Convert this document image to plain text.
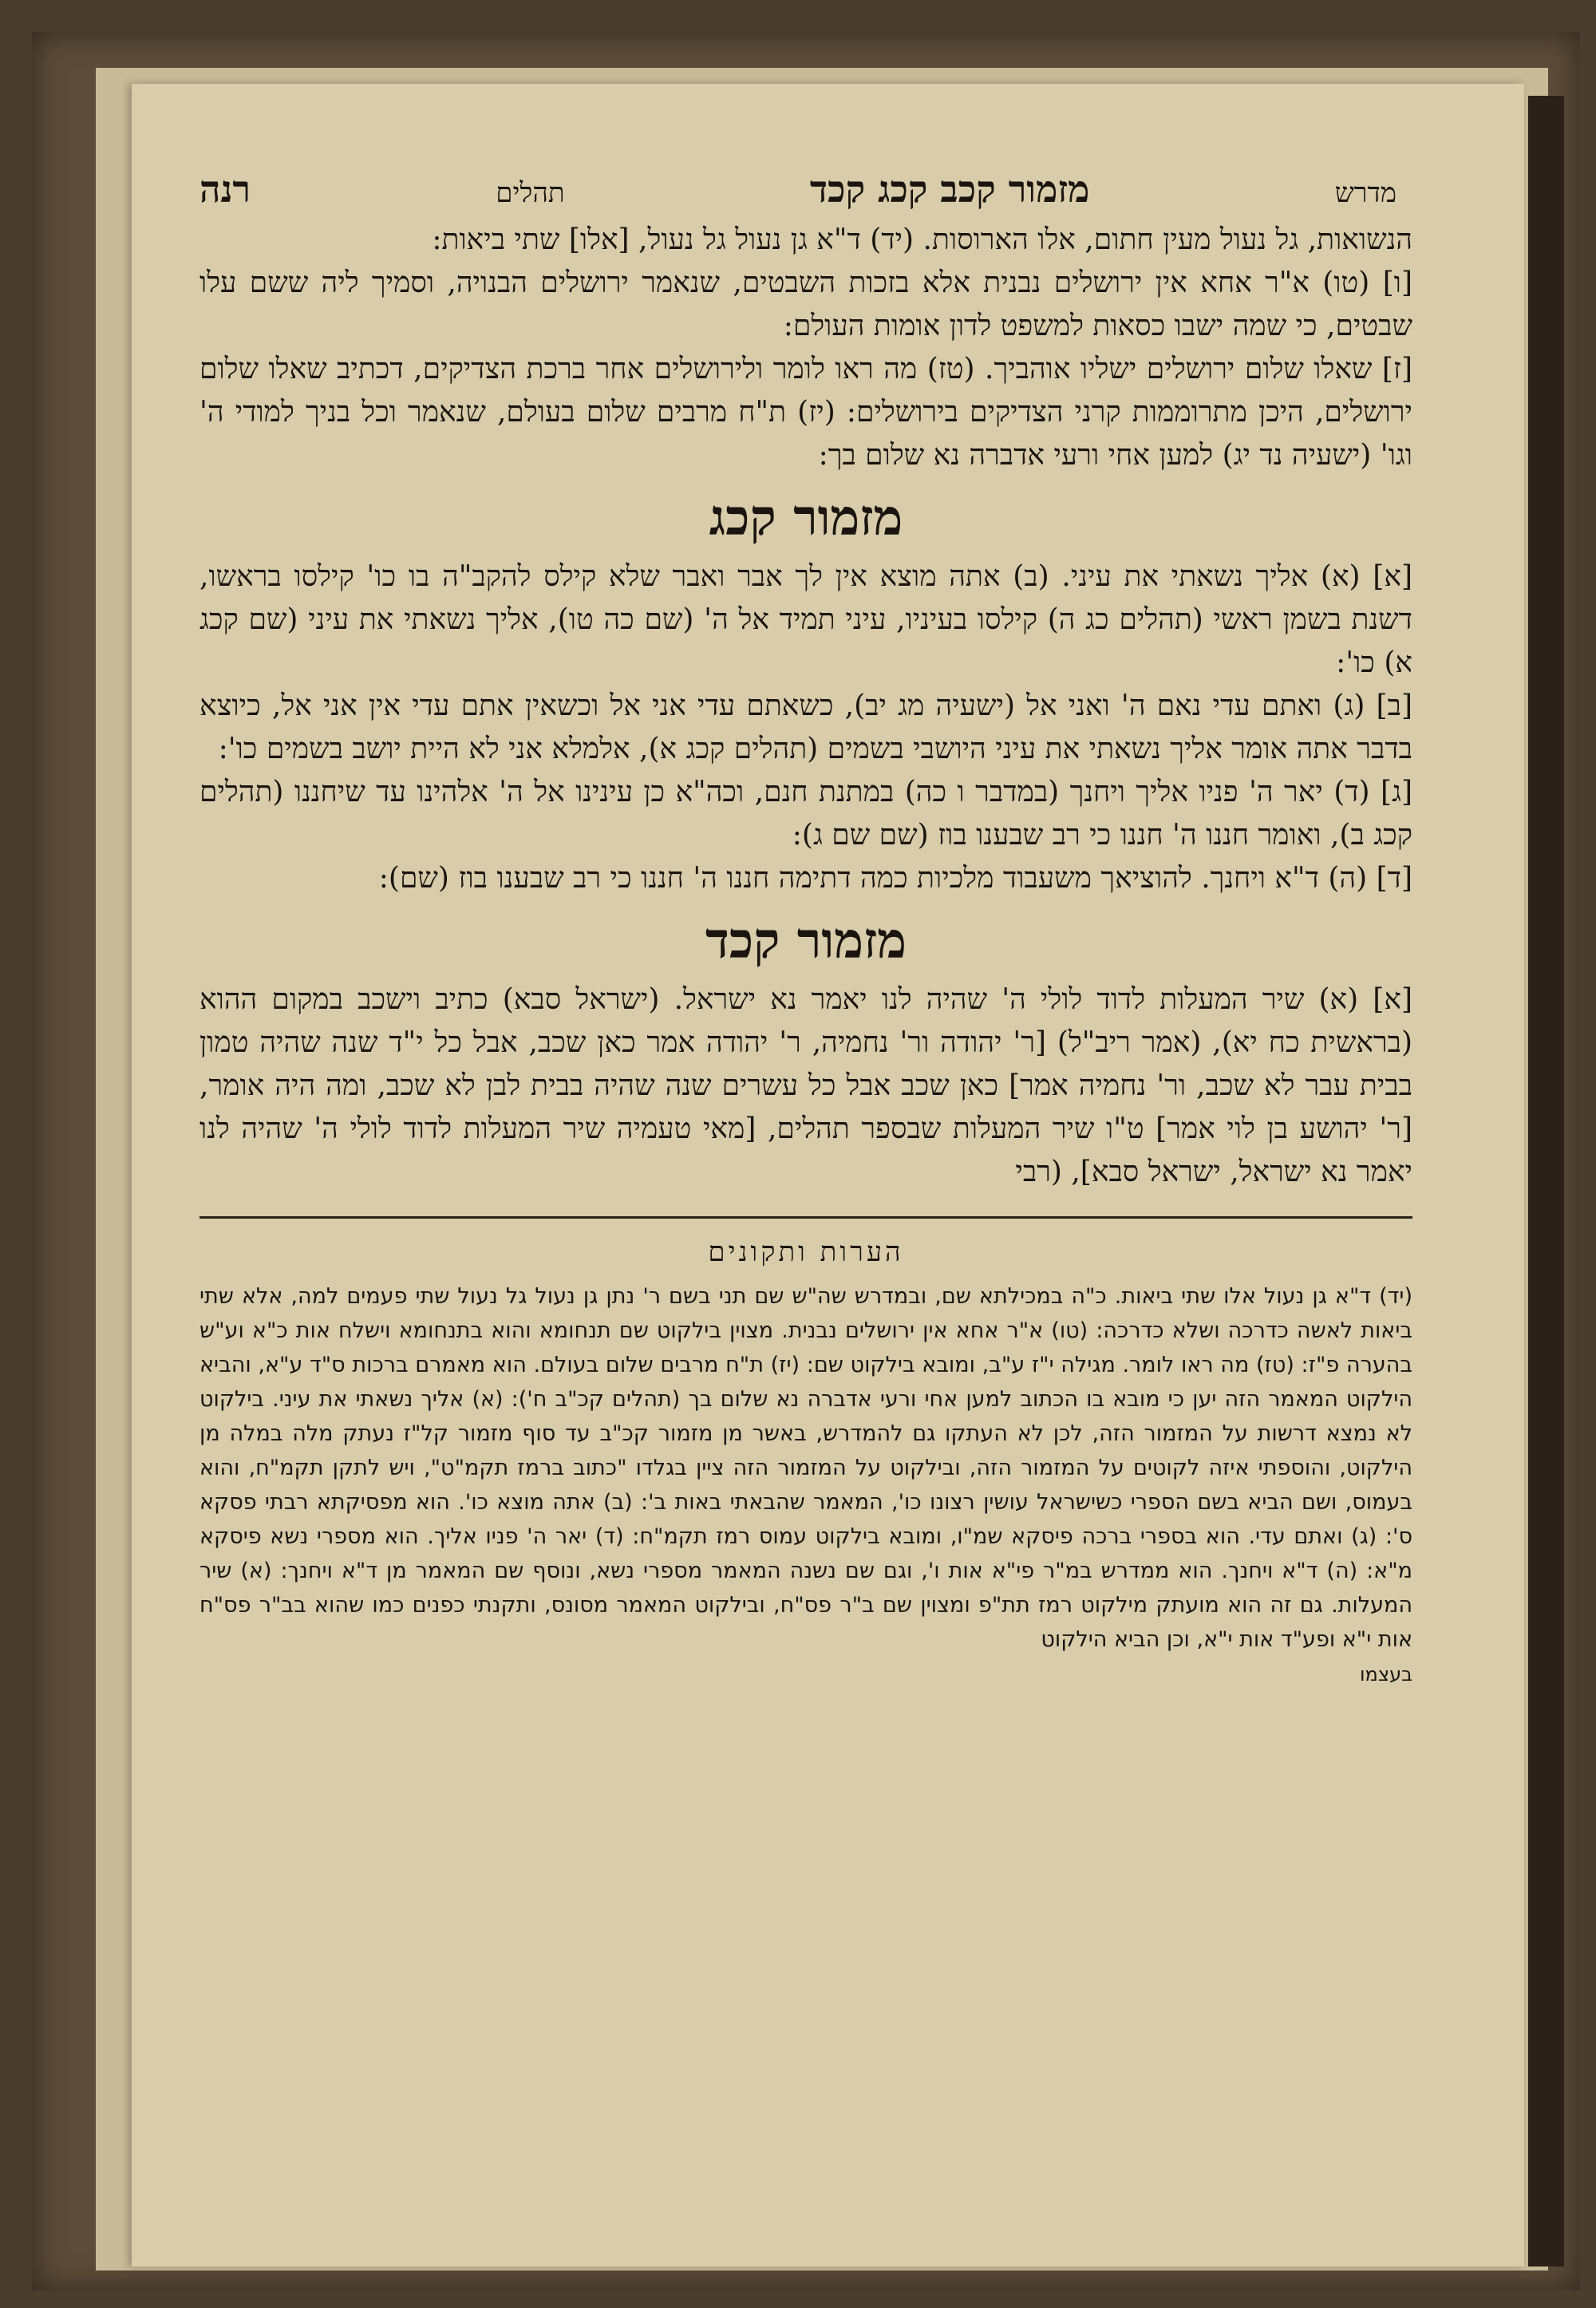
מדרש
מזמור קכב קכג קכד
תהלים
רנה

הנשואות, גל נעול מעין חתום, אלו הארוסות. (יד) ד"א גן נעול גל נעול, [אלו] שתי ביאות:

[ו] (טו) א"ר אחא אין ירושלים נבנית אלא בזכות השבטים, שנאמר ירושלים הבנויה, וסמיך ליה ששם עלו שבטים, כי שמה ישבו כסאות למשפט לדון אומות העולם:

[ז] שאלו שלום ירושלים ישליו אוהביך. (טז) מה ראו לומר ולירושלים אחר ברכת הצדיקים, דכתיב שאלו שלום ירושלים, היכן מתרוממות קרני הצדיקים בירושלים: (יז) ת"ח מרבים שלום בעולם, שנאמר וכל בניך למודי ה' וגו' (ישעיה נד יג) למען אחי ורעי אדברה נא שלום בך:

מזמור קכג

[א] (א) אליך נשאתי את עיני. (ב) אתה מוצא אין לך אבר ואבר שלא קילס להקב"ה בו כו' קילסו בראשו, דשנת בשמן ראשי (תהלים כג ה) קילסו בעיניו, עיני תמיד אל ה' (שם כה טו), אליך נשאתי את עיני (שם קכג א) כו':

[ב] (ג) ואתם עדי נאם ה' ואני אל (ישעיה מג יב), כשאתם עדי אני אל וכשאין אתם עדי אין אני אל, כיוצא בדבר אתה אומר אליך נשאתי את עיני היושבי בשמים (תהלים קכג א), אלמלא אני לא היית יושב בשמים כו':

[ג] (ד) יאר ה' פניו אליך ויחנך (במדבר ו כה) במתנת חנם, וכה"א כן עינינו אל ה' אלהינו עד שיחננו (תהלים קכג ב), ואומר חננו ה' חננו כי רב שבענו בוז (שם שם ג):

[ד] (ה) ד"א ויחנך. להוציאך משעבוד מלכיות כמה דתימה חננו ה' חננו כי רב שבענו בוז (שם):

מזמור קכד

[א] (א) שיר המעלות לדוד לולי ה' שהיה לנו יאמר נא ישראל. (ישראל סבא) כתיב וישכב במקום ההוא (בראשית כח יא), (אמר ריב"ל) [ר' יהודה ור' נחמיה, ר' יהודה אמר כאן שכב, אבל כל י"ד שנה שהיה טמון בבית עבר לא שכב, ור' נחמיה אמר] כאן שכב אבל כל עשרים שנה שהיה בבית לבן לא שכב, ומה היה אומר, [ר' יהושע בן לוי אמר] ט"ו שיר המעלות שבספר תהלים, [מאי טעמיה שיר המעלות לדוד לולי ה' שהיה לנו יאמר נא ישראל, ישראל סבא], (רבי

הערות ותקונים
(יד) ד"א גן נעול אלו שתי ביאות. כ"ה במכילתא שם, ובמדרש שה"ש שם תני בשם ר' נתן גן נעול גל נעול שתי פעמים למה, אלא שתי ביאות לאשה כדרכה ושלא כדרכה: (טו) א"ר אחא אין ירושלים נבנית. מצוין בילקוט שם תנחומא והוא בתנחומא וישלח אות כ"א וע"ש בהערה פ"ז: (טז) מה ראו לומר. מגילה י"ז ע"ב, ומובא בילקוט שם: (יז) ת"ח מרבים שלום בעולם. הוא מאמרם ברכות ס"ד ע"א, והביא הילקוט המאמר הזה יען כי מובא בו הכתוב למען אחי ורעי אדברה נא שלום בך (תהלים קכ"ב ח'): (א) אליך נשאתי את עיני. בילקוט לא נמצא דרשות על המזמור הזה, לכן לא העתקו גם להמדרש, באשר מן מזמור קכ"ב עד סוף מזמור קל"ז נעתק מלה במלה מן הילקוט, והוספתי איזה לקוטים על המזמור הזה, ובילקוט על המזמור הזה ציין בגלדו "כתוב ברמז תקמ"ט", ויש לתקן תקמ"ח, והוא בעמוס, ושם הביא בשם הספרי כשישראל עושין רצונו כו', המאמר שהבאתי באות ב': (ב) אתה מוצא כו'. הוא מפסיקתא רבתי פסקא ס': (ג) ואתם עדי. הוא בספרי ברכה פיסקא שמ"ו, ומובא בילקוט עמוס רמז תקמ"ח: (ד) יאר ה' פניו אליך. הוא מספרי נשא פיסקא מ"א: (ה) ד"א ויחנך. הוא ממדרש במ"ר פי"א אות ו', וגם שם נשנה המאמר מספרי נשא, ונוסף שם המאמר מן ד"א ויחנך: (א) שיר המעלות. גם זה הוא מועתק מילקוט רמז תת"פ ומצוין שם ב"ר פס"ח, ובילקוט המאמר מסונס, ותקנתי כפנים כמו שהוא בב"ר פס"ח אות י"א ופע"ד אות י"א, וכן הביא הילקוט
בעצמו
